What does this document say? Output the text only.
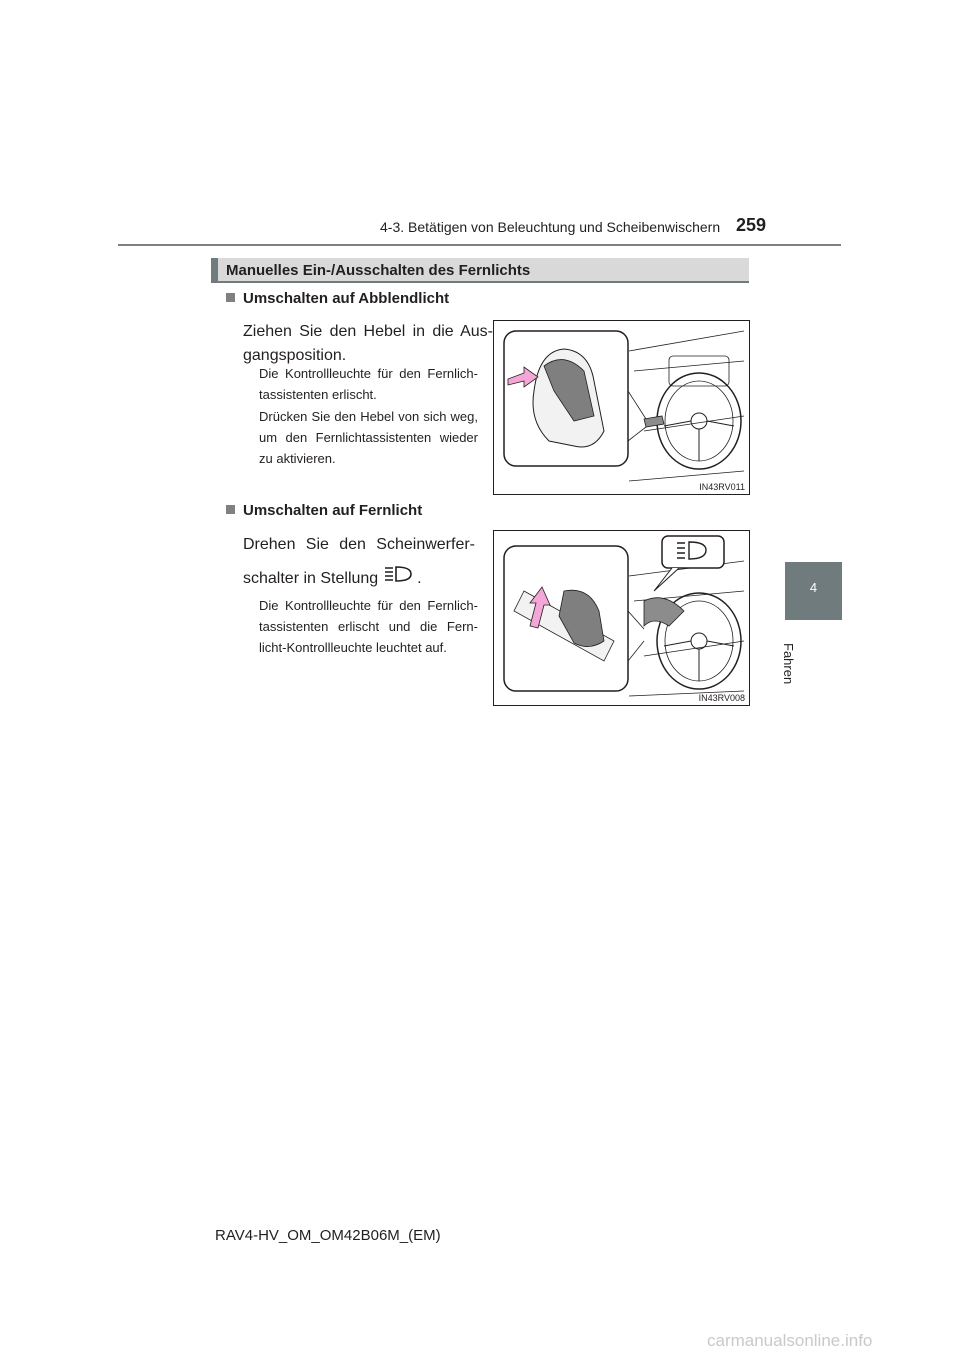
4-3. Betätigen von Beleuchtung und Scheibenwischern 259
4
Fahren
Manuelles Ein-/Ausschalten des Fernlichts
Umschalten auf Abblendlicht
Ziehen Sie den Hebel in die Aus-gangsposition.
Die Kontrollleuchte für den Fernlich-tassistenten erlischt.
Drücken Sie den Hebel von sich weg, um den Fernlichtassistenten wieder zu aktivieren.
IN43RV011
Umschalten auf Fernlicht
Drehen Sie den Scheinwerfer-schalter in Stellung .
Die Kontrollleuchte für den Fernlich-tassistenten erlischt und die Fern-licht-Kontrollleuchte leuchtet auf.
IN43RV008
RAV4-HV_OM_OM42B06M_(EM)
carmanualsonline.info
